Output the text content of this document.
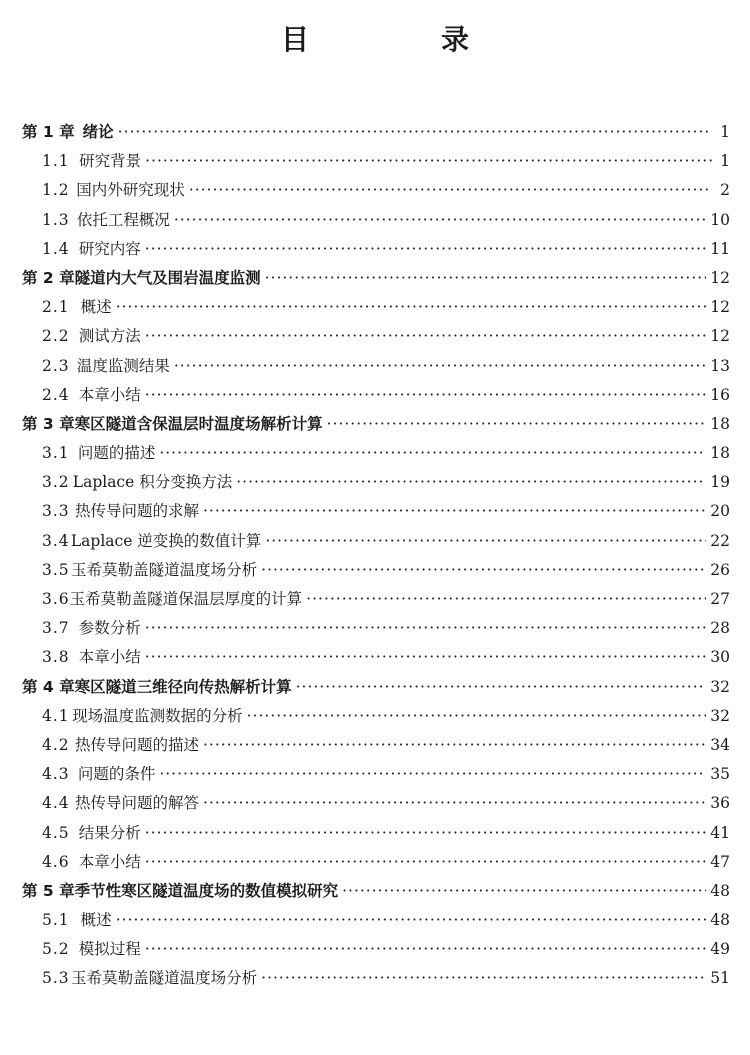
目　录
第 1 章 绪论 ·····	1
1.1 研究背景 ·····	1
1.2 国内外研究现状 ·····	2
1.3 依托工程概况 ·····	10
1.4 研究内容 ·····	11
第 2 章 隧道内大气及围岩温度监测 ·····	12
2.1 概述 ·····	12
2.2 测试方法 ·····	12
2.3 温度监测结果 ·····	13
2.4 本章小结 ·····	16
第 3 章 寒区隧道含保温层时温度场解析计算 ·····	18
3.1 问题的描述 ·····	18
3.2 Laplace 积分变换方法 ·····	19
3.3 热传导问题的求解 ·····	20
3.4 Laplace 逆变换的数值计算 ·····	22
3.5 玉希莫勒盖隧道温度场分析 ·····	26
3.6 玉希莫勒盖隧道保温层厚度的计算 ·····	27
3.7 参数分析 ·····	28
3.8 本章小结 ·····	30
第 4 章 寒区隧道三维径向传热解析计算 ·····	32
4.1 现场温度监测数据的分析 ·····	32
4.2 热传导问题的描述 ·····	34
4.3 问题的条件 ·····	35
4.4 热传导问题的解答 ·····	36
4.5 结果分析 ·····	41
4.6 本章小结 ·····	47
第 5 章 季节性寒区隧道温度场的数值模拟研究 ·····	48
5.1 概述 ·····	48
5.2 模拟过程 ·····	49
5.3 玉希莫勒盖隧道温度场分析 ·····	51
